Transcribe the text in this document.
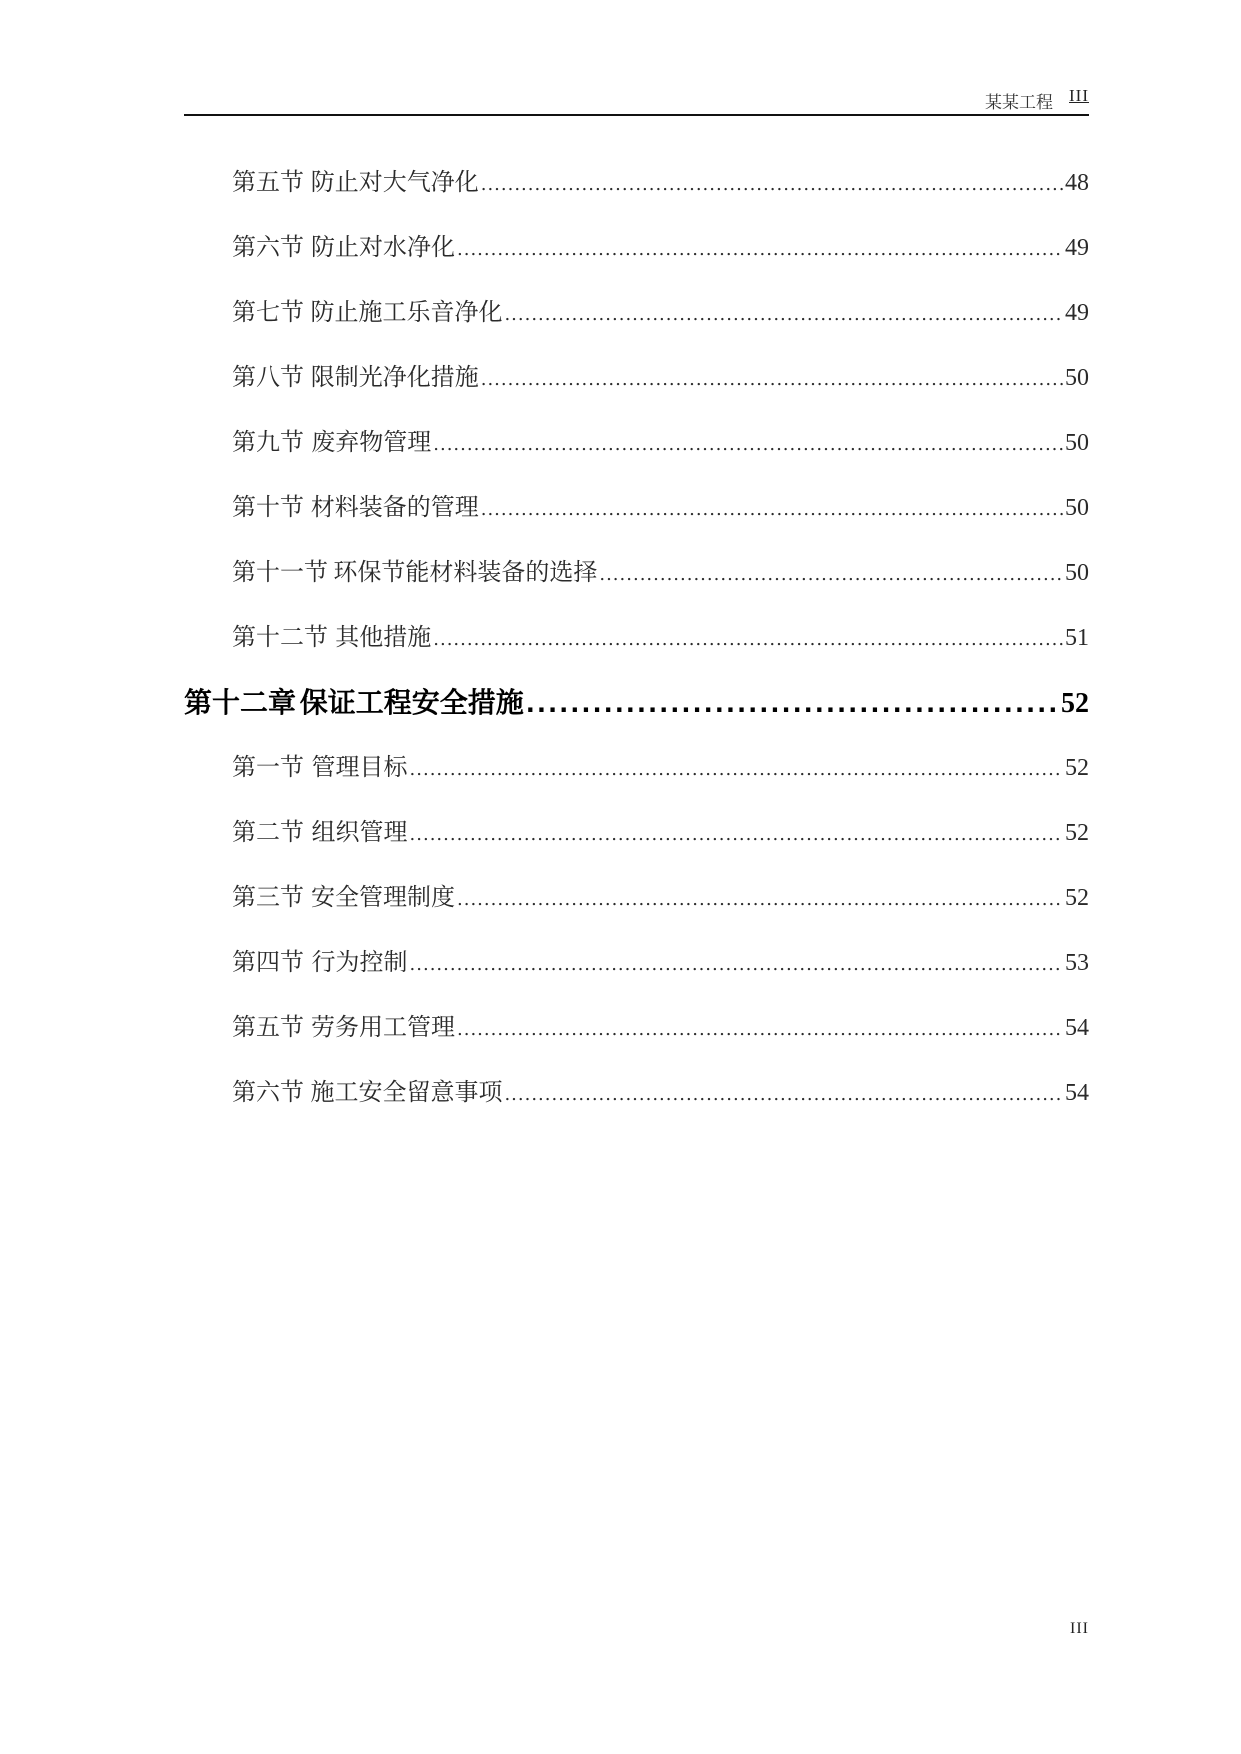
某某工程 III
第五节 防止对大气净化 .....	48
第六节 防止对水净化 .....	49
第七节 防止施工乐音净化 .....	49
第八节 限制光净化措施 .....	50
第九节 废弃物管理 .....	50
第十节 材料装备的管理 .....	50
第十一节 环保节能材料装备的选择 .....	50
第十二节 其他措施 .....	51
第十二章 保证工程安全措施 .....	52
第一节 管理目标 .....	52
第二节 组织管理 .....	52
第三节 安全管理制度 .....	52
第四节 行为控制 .....	53
第五节 劳务用工管理 .....	54
第六节 施工安全留意事项 .....	54
III
